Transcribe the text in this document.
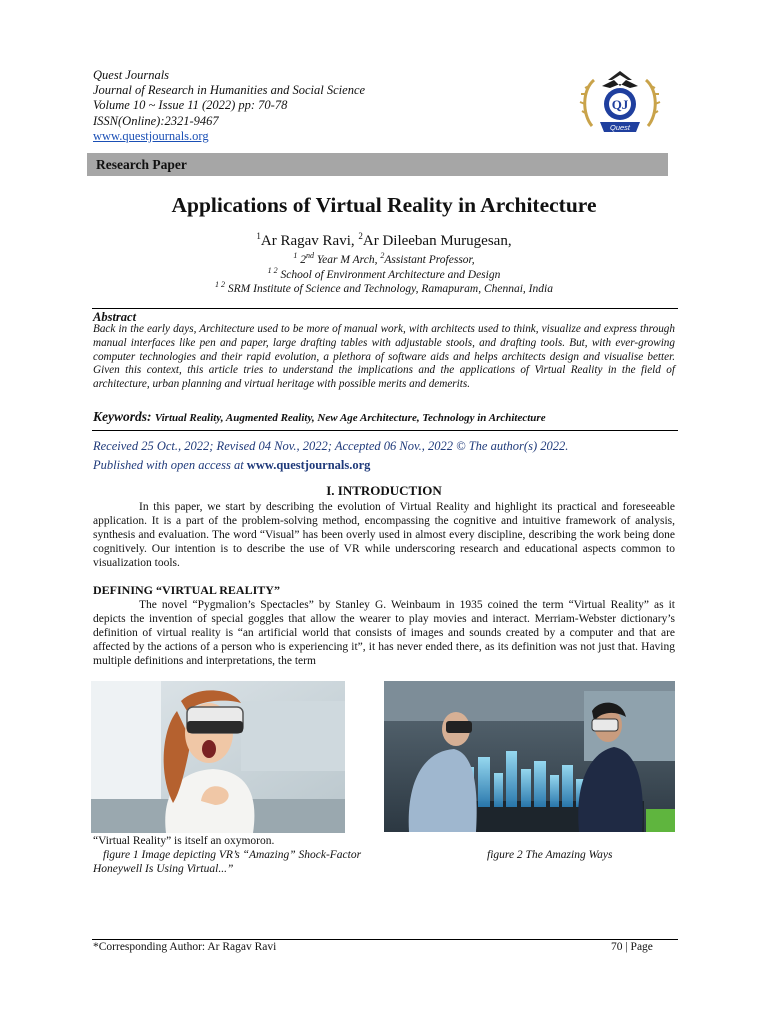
Quest Journals
Journal of Research in Humanities and Social Science
Volume 10 ~ Issue 11 (2022) pp: 70-78
ISSN(Online):2321-9467
www.questjournals.org
QJ
Quest
Research Paper
Applications of Virtual Reality in Architecture
$^1$Ar Ragav Ravi, $^2$Ar Dileeban Murugesan,
$^1$ 2nd Year M Arch, $^2$Assistant Professor,
$^{1 2}$ School of Environment Architecture and Design
$^{1 2}$ SRM Institute of Science and Technology, Ramapuram, Chennai, India
Abstract
Back in the early days, Architecture used to be more of manual work, with architects used to think, visualize and express through manual interfaces like pen and paper, large drafting tables with adjustable stools, and drafting tools. But, with ever-growing computer technologies and their rapid evolution, a plethora of software aids and helps architects design and visualise better. Given this context, this article tries to understand the implications and the applications of Virtual Reality in the field of architecture, urban planning and virtual heritage with possible merits and demerits.
Keywords: Virtual Reality, Augmented Reality, New Age Architecture, Technology in Architecture
Received 25 Oct., 2022; Revised 04 Nov., 2022; Accepted 06 Nov., 2022 © The author(s) 2022.
Published with open access at www.questjournals.org
I. INTRODUCTION
In this paper, we start by describing the evolution of Virtual Reality and highlight its practical and foreseeable application. It is a part of the problem-solving method, encompassing the cognitive and intuitive framework of analysis, synthesis and evaluation. The word “Visual” has been overly used in almost every discipline, describing the work being done cognitively. Our intention is to describe the use of VR while underscoring research and educational aspects common to visualization tools.
DEFINING “VIRTUAL REALITY”
The novel “Pygmalion’s Spectacles” by Stanley G. Weinbaum in 1935 coined the term “Virtual Reality” as it depicts the invention of special goggles that allow the wearer to play movies and interact. Merriam-Webster dictionary’s definition of virtual reality is “an artificial world that consists of images and sounds created by a computer and that are affected by the actions of a person who is experiencing it”, it has never ended there, as its definition was not just that. Having multiple definitions and interpretations, the term
“Virtual Reality” is itself an oxymoron.
figure 1 Image depicting VR’s “Amazing” Shock-Factor
Honeywell Is Using Virtual...”
figure 2 The Amazing Ways
*Corresponding Author: Ar Ragav Ravi	70 | Page
